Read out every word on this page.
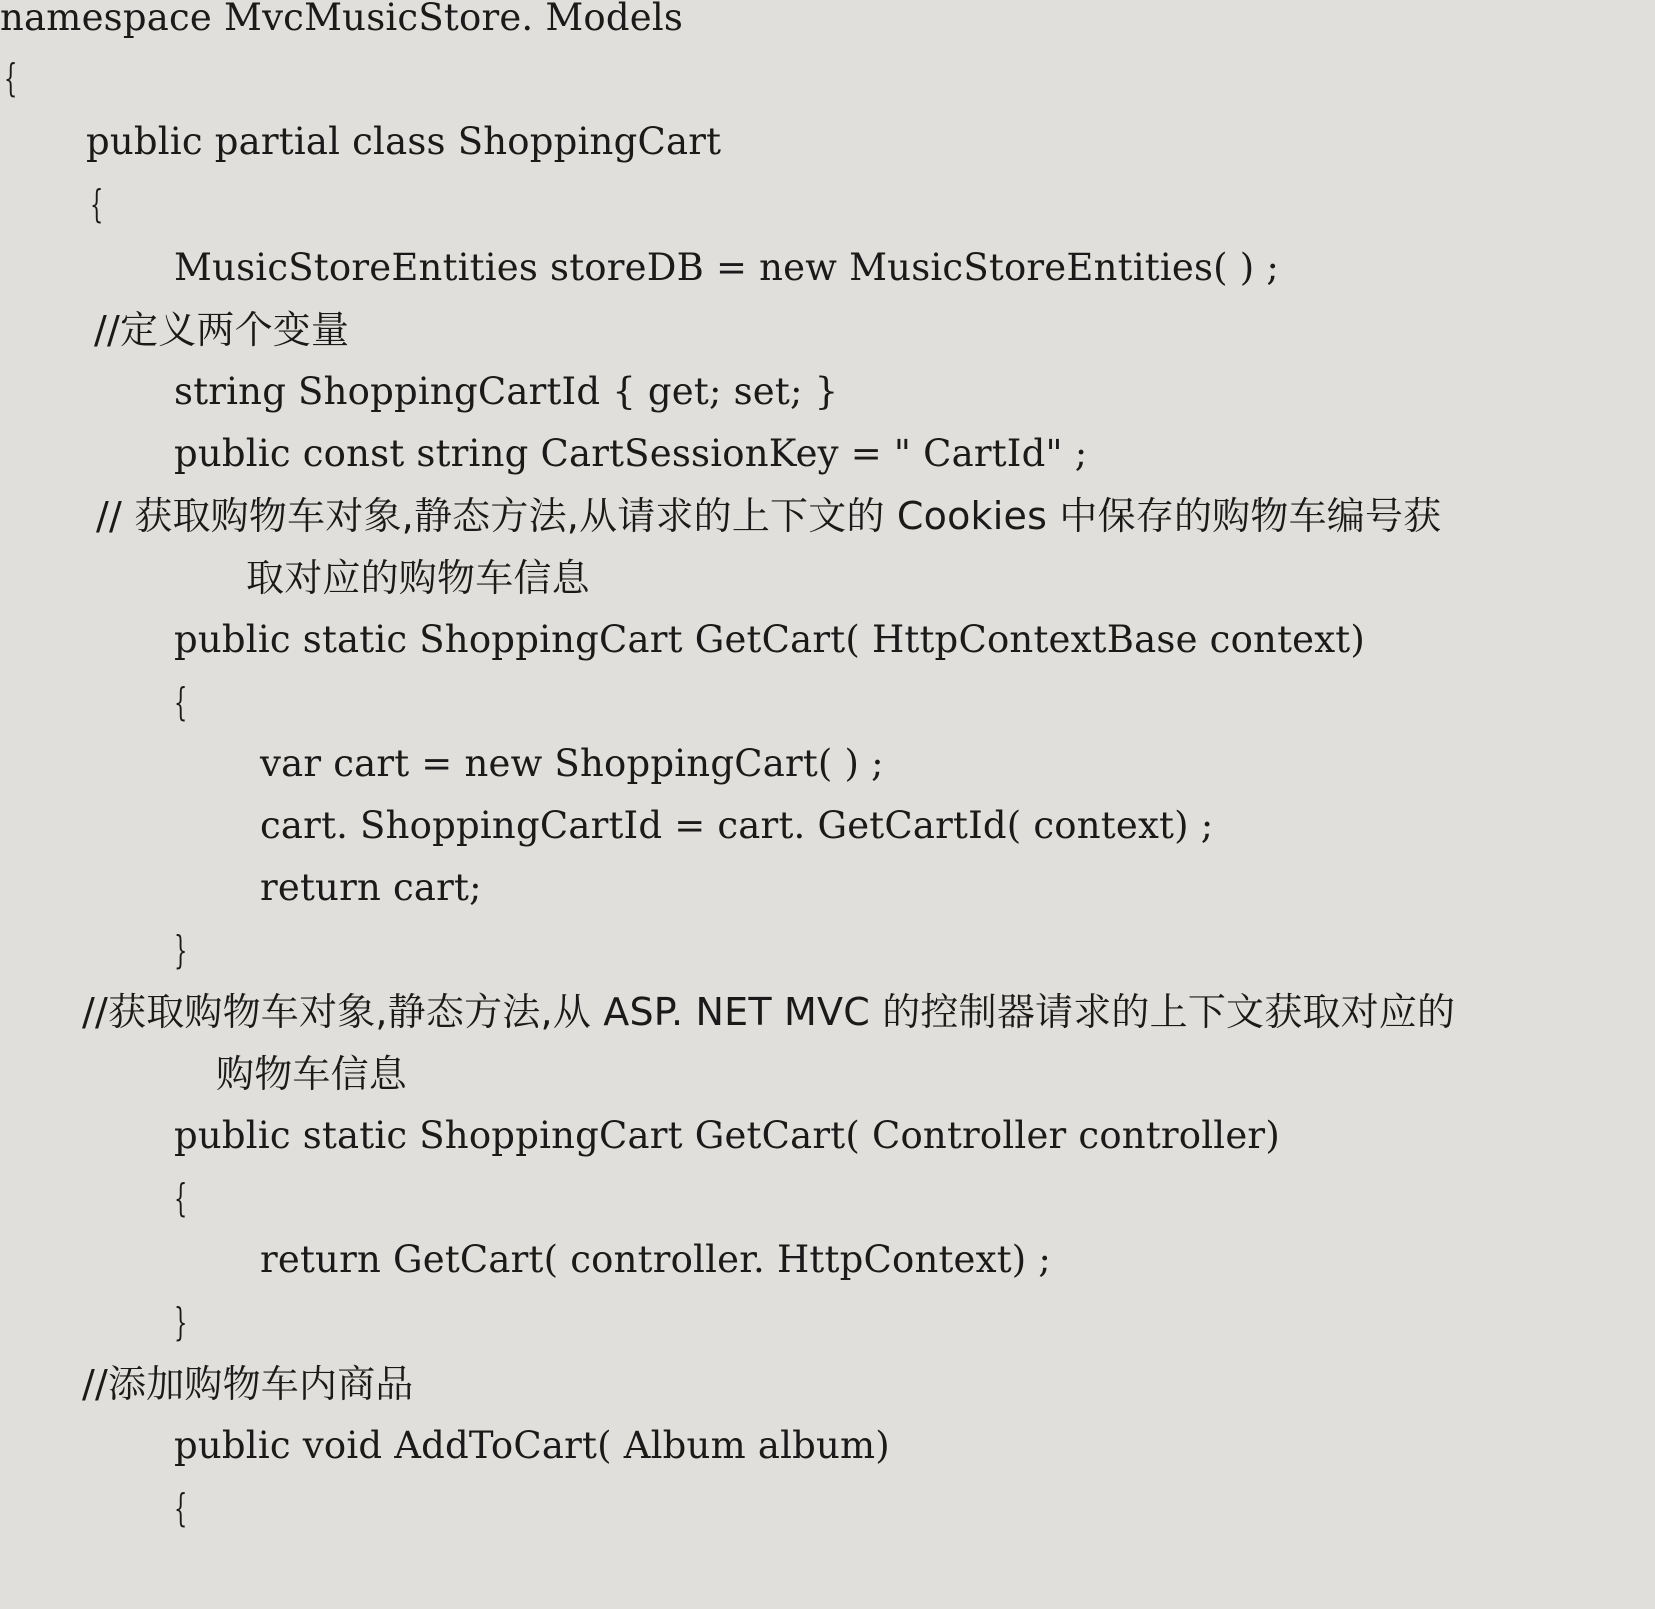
namespace MvcMusicStore. Models
{
public partial class ShoppingCart
{
MusicStoreEntities storeDB = new MusicStoreEntities( ) ;
//定义两个变量
string ShoppingCartId { get; set; }
public const string CartSessionKey = " CartId" ;
// 获取购物车对象,静态方法,从请求的上下文的 Cookies 中保存的购物车编号获
取对应的购物车信息
public static ShoppingCart GetCart( HttpContextBase context)
{
var cart = new ShoppingCart( ) ;
cart. ShoppingCartId = cart. GetCartId( context) ;
return cart;
}
//获取购物车对象,静态方法,从 ASP. NET MVC 的控制器请求的上下文获取对应的
购物车信息
public static ShoppingCart GetCart( Controller controller)
{
return GetCart( controller. HttpContext) ;
}
//添加购物车内商品
public void AddToCart( Album album)
{
